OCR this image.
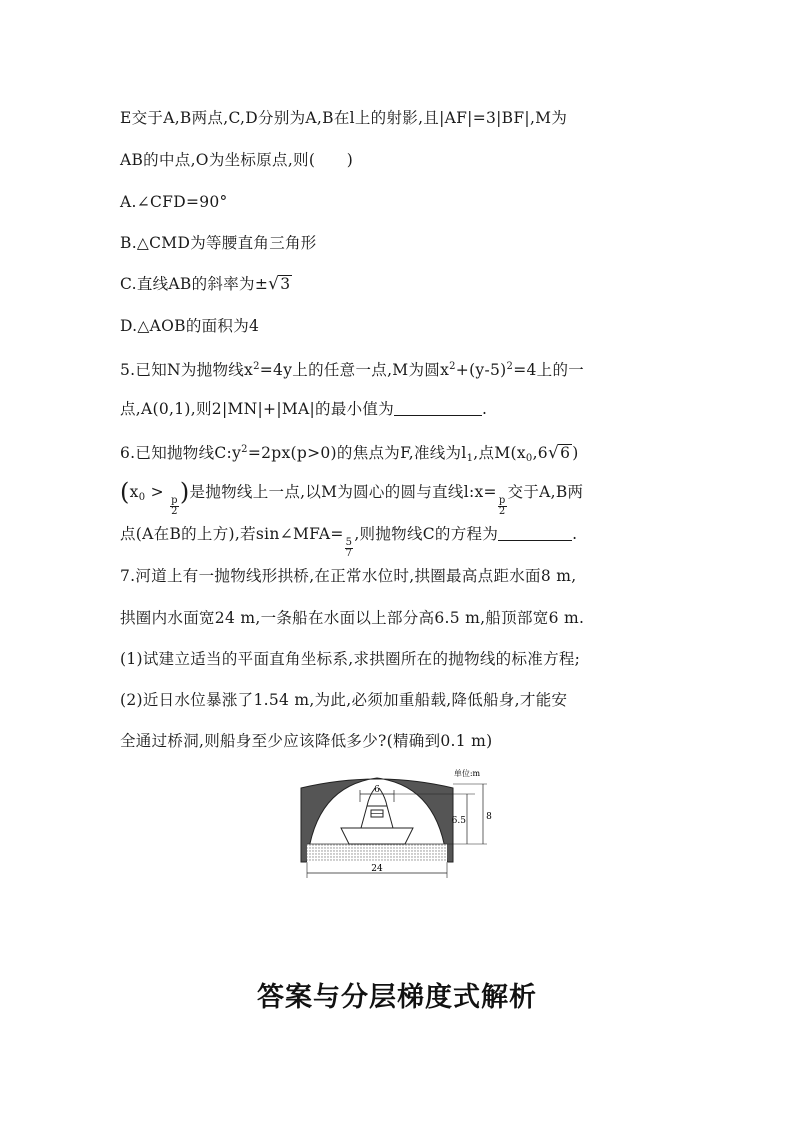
E交于A,B两点,C,D分别为A,B在l上的射影,且|AF|=3|BF|,M为
AB的中点,O为坐标原点,则(　　)
A.∠CFD=90°
B.△CMD为等腰直角三角形
C.直线AB的斜率为±√3
D.△AOB的面积为4
5.已知N为抛物线$x^2=4y$上的任意一点,M为圆$x^2+(y-5)^2=4$上的一
点,A(0,1),则2|MN|+|MA|的最小值为	.
6.已知抛物线$C:y^2=2px(p>0)$的焦点为F,准线为$l_1$,点$M(x_0,6√6$ )
($x_0$ >
$\frac{p}{2}$
)是抛物线上一点,以M为圆心的圆与直线l:x=
$\frac{p}{2}$
交于A,B两
点(A在B的上方),若sin∠MFA=
$\frac{5}{7}$
,则抛物线C的方程为	.
7.河道上有一抛物线形拱桥,在正常水位时,拱圈最高点距水面8 m,
拱圈内水面宽24 m,一条船在水面以上部分高6.5 m,船顶部宽6 m.
(1)试建立适当的平面直角坐标系,求拱圈所在的抛物线的标准方程;
(2)近日水位暴涨了1.54 m,为此,必须加重船载,降低船身,才能安
全通过桥洞,则船身至少应该降低多少?(精确到0.1 m)
6
6.5 8
单位:m
24
答案与分层梯度式解析
